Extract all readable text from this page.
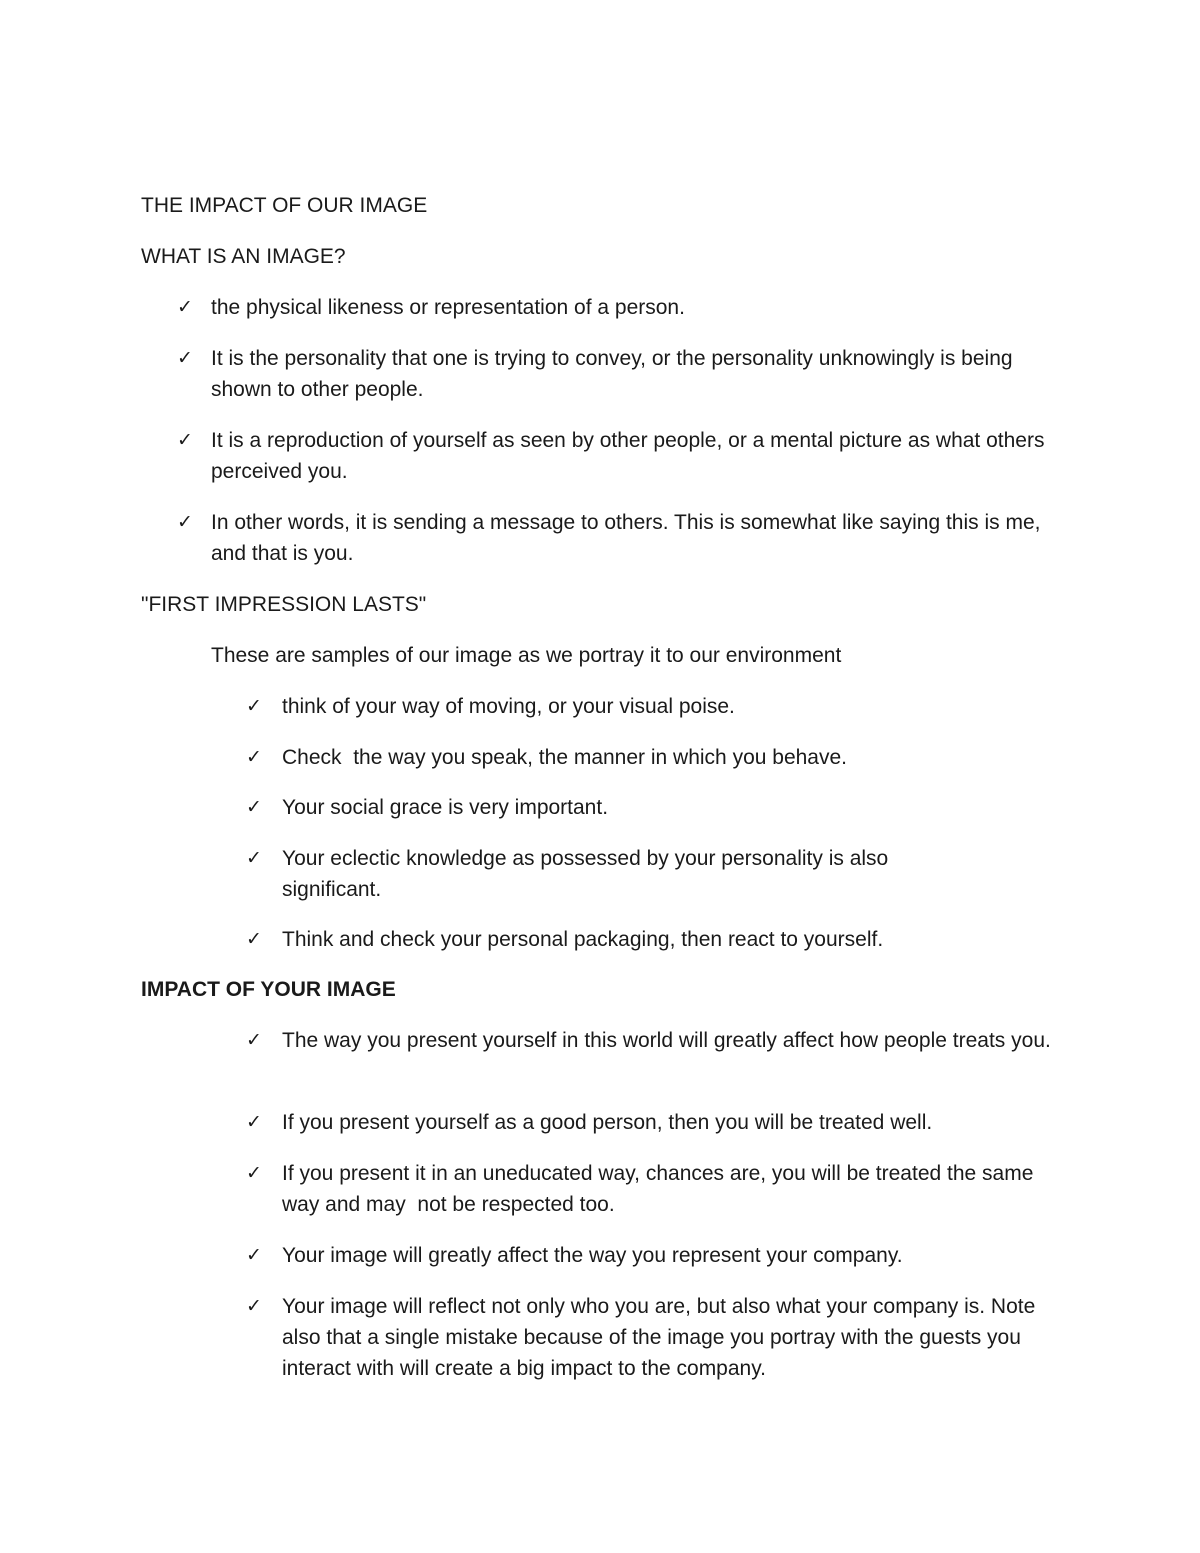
THE IMPACT OF OUR IMAGE
WHAT IS AN IMAGE?
✓ the physical likeness or representation of a person.
✓ It is the personality that one is trying to convey, or the personality unknowingly is being shown to other people.
✓ It is a reproduction of yourself as seen by other people, or a mental picture as what others perceived you.
✓ In other words, it is sending a message to others. This is somewhat like saying this is me, and that is you.
"FIRST IMPRESSION LASTS"
These are samples of our image as we portray it to our environment
✓ think of your way of moving, or your visual poise.
✓ Check  the way you speak, the manner in which you behave.
✓ Your social grace is very important.
✓ Your eclectic knowledge as possessed by your personality is also significant.
✓ Think and check your personal packaging, then react to yourself.
IMPACT OF YOUR IMAGE
✓ The way you present yourself in this world will greatly affect how people treats you.
✓ If you present yourself as a good person, then you will be treated well.
✓ If you present it in an uneducated way, chances are, you will be treated the same way and may  not be respected too.
✓ Your image will greatly affect the way you represent your company.
✓ Your image will reflect not only who you are, but also what your company is. Note also that a single mistake because of the image you portray with the guests you interact with will create a big impact to the company.
